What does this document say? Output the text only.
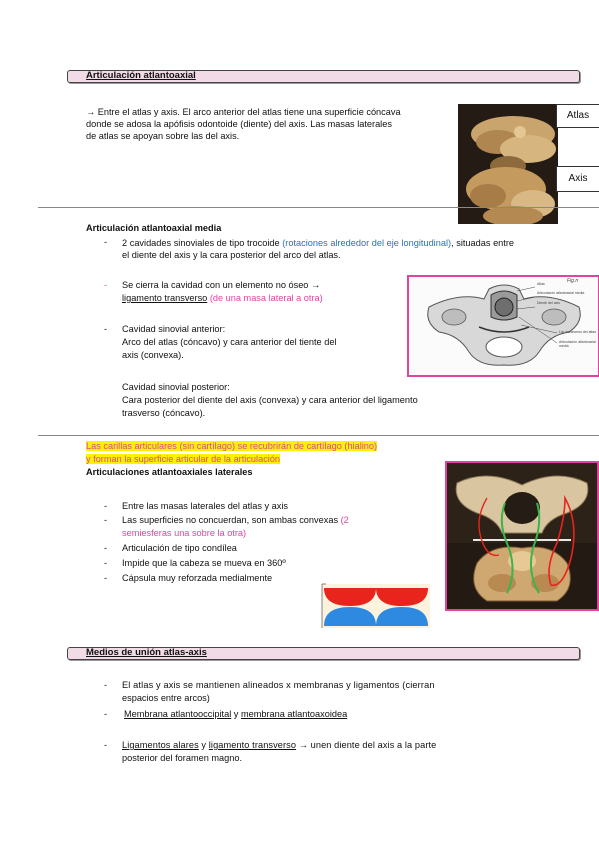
Articulación atlantoaxial
→ Entre el atlas y axis. El arco anterior del atlas tiene una superficie cóncava
donde se adosa la apófisis odontoide (diente) del axis. Las masas laterales
de atlas se apoyan sobre las del axis.
Atlas
Axis
Articulación atlantoaxial media
-	2 cavidades sinoviales de tipo trocoide (rotaciones alrededor del eje longitudinal), situadas entre el diente del axis y la cara posterior del arco del atlas.
-	Se cierra la cavidad con un elemento no óseo →
ligamento transverso (de una masa lateral a otra)
-	Cavidad sinovial anterior:
Arco del atlas (cóncavo) y cara anterior del tiente del
axis (convexa).
Cavidad sinovial posterior:
Cara posterior del diente del axis (convexa) y cara anterior del ligamento
trasverso (cóncavo).
Atlas
Articulación atlantoaxial media
Diente del axis
Lig. transverso del atlas
Articulación atlantoaxial media
Fig.n
Las carillas articulares (sin cartílago) se recubrirán de cartílago (hialino)
y forman la superficie articular de la articulación
Articulaciones atlantoaxiales laterales
-	Entre las masas laterales del atlas y axis
-	Las superficies no concuerdan, son ambas convexas (2
semiesferas una sobre la otra)
-	Articulación de tipo condílea
-	Impide que la cabeza se mueva en 360º
-	Cápsula muy reforzada medialmente
Medios de unión atlas-axis
-	El atlas y axis se mantienen alineados x membranas y ligamentos (cierran
espacios entre arcos)
-	Membrana atlantooccipital y membrana atlantoaxoidea
-	Ligamentos alares y ligamento transverso → unen diente del axis a la parte
posterior del foramen magno.
